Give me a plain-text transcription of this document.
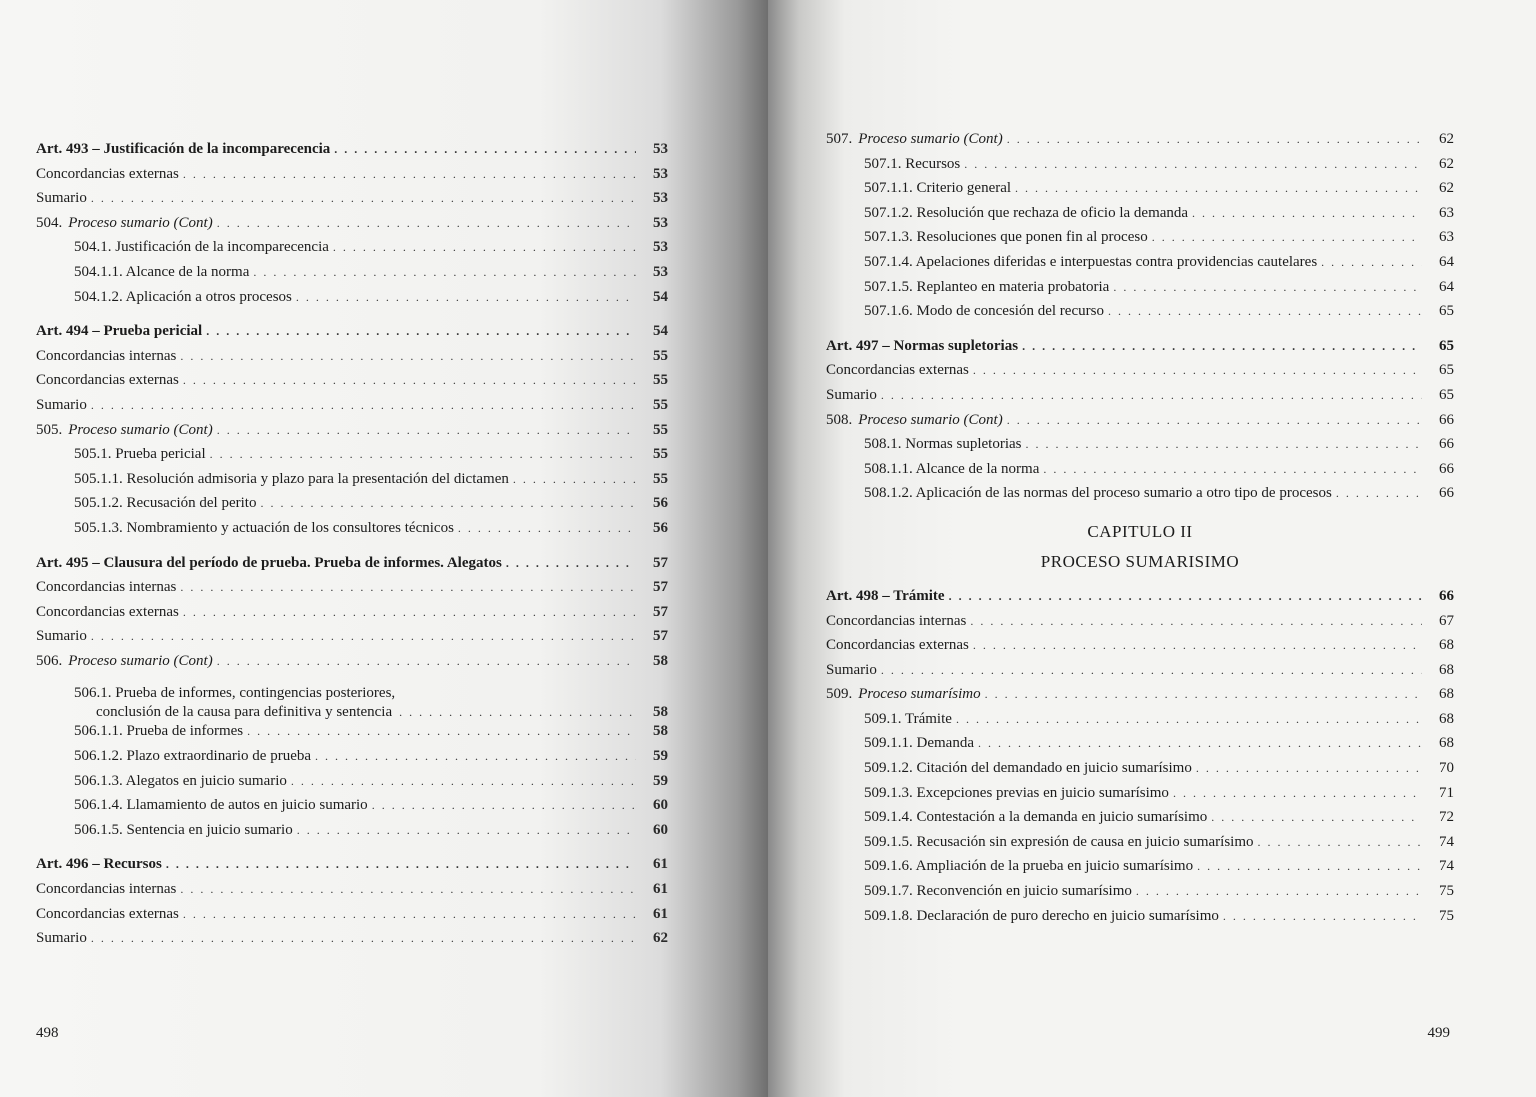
Art. 493 – Justificación de la incomparecencia . . .	53
Concordancias externas . . .	53
Sumario . . .	53
504. Proceso sumario (Cont) . . .	53
504.1. Justificación de la incomparecencia . . .	53
504.1.1. Alcance de la norma . . .	53
504.1.2. Aplicación a otros procesos . . .	54
Art. 494 – Prueba pericial . . .	54
Concordancias internas . . .	55
Concordancias externas . . .	55
Sumario . . .	55
505. Proceso sumario (Cont) . . .	55
505.1. Prueba pericial . . .	55
505.1.1. Resolución admisoria y plazo para la presentación del dictamen . . .	55
505.1.2. Recusación del perito . . .	56
505.1.3. Nombramiento y actuación de los consultores técnicos . . .	56
Art. 495 – Clausura del período de prueba. Prueba de informes. Alegatos . . .	57
Concordancias internas . . .	57
Concordancias externas . . .	57
Sumario . . .	57
506. Proceso sumario (Cont) . . .	58
506.1. Prueba de informes, contingencias posteriores,
conclusión de la causa para definitiva y sentencia . . .	58
506.1.1. Prueba de informes . . .	58
506.1.2. Plazo extraordinario de prueba . . .	59
506.1.3. Alegatos en juicio sumario . . .	59
506.1.4. Llamamiento de autos en juicio sumario . . .	60
506.1.5. Sentencia en juicio sumario . . .	60
Art. 496 – Recursos . . .	61
Concordancias internas . . .	61
Concordancias externas . . .	61
Sumario . . .	62
498
507. Proceso sumario (Cont) . . .	62
507.1. Recursos . . .	62
507.1.1. Criterio general . . .	62
507.1.2. Resolución que rechaza de oficio la demanda . . .	63
507.1.3. Resoluciones que ponen fin al proceso . . .	63
507.1.4. Apelaciones diferidas e interpuestas contra providencias cautelares . . .	64
507.1.5. Replanteo en materia probatoria . . .	64
507.1.6. Modo de concesión del recurso . . .	65
Art. 497 – Normas supletorias . . .	65
Concordancias externas . . .	65
Sumario . . .	65
508. Proceso sumario (Cont) . . .	66
508.1. Normas supletorias . . .	66
508.1.1. Alcance de la norma . . .	66
508.1.2. Aplicación de las normas del proceso sumario a otro tipo de procesos . . .	66
CAPITULO II
PROCESO SUMARISIMO
Art. 498 – Trámite . . .	66
Concordancias internas . . .	67
Concordancias externas . . .	68
Sumario . . .	68
509. Proceso sumarísimo . . .	68
509.1. Trámite . . .	68
509.1.1. Demanda . . .	68
509.1.2. Citación del demandado en juicio sumarísimo . . .	70
509.1.3. Excepciones previas en juicio sumarísimo . . .	71
509.1.4. Contestación a la demanda en juicio sumarísimo . . .	72
509.1.5. Recusación sin expresión de causa en juicio sumarísimo . . .	74
509.1.6. Ampliación de la prueba en juicio sumarísimo . . .	74
509.1.7. Reconvención en juicio sumarísimo . . .	75
509.1.8. Declaración de puro derecho en juicio sumarísimo . . .	75
499
